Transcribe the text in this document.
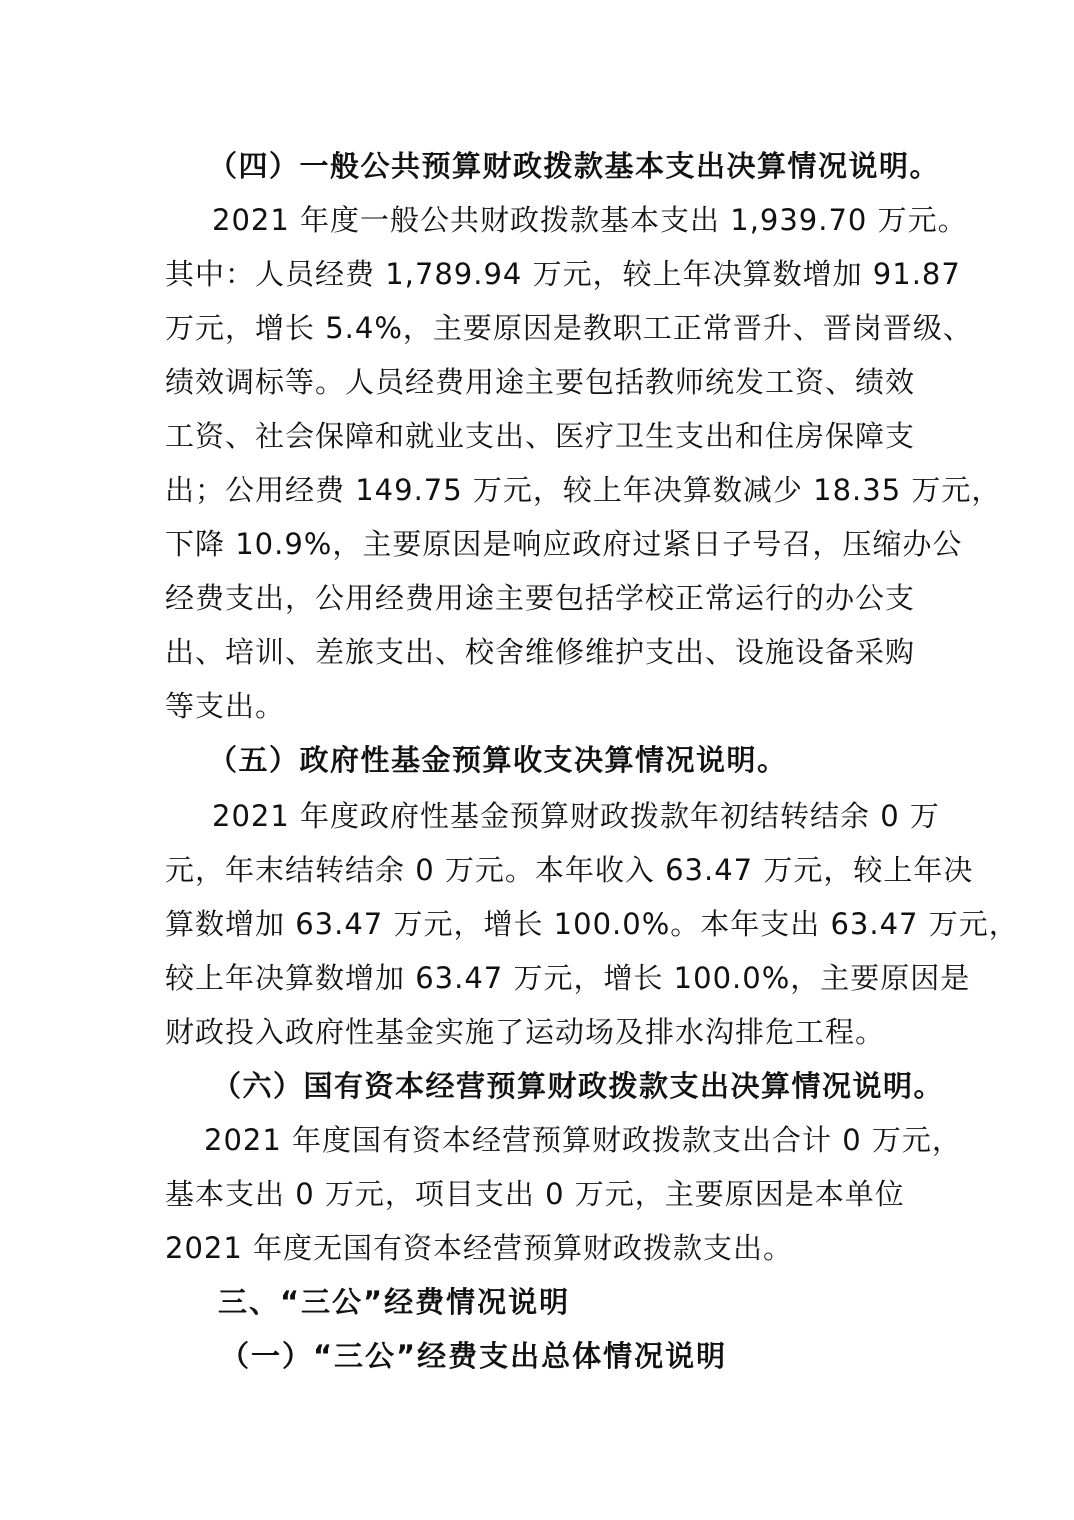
（四）一般公共预算财政拨款基本支出决算情况说明。
2021 年度一般公共财政拨款基本支出 1,939.70 万元。
其中：人员经费 1,789.94 万元，较上年决算数增加 91.87
万元，增长 5.4%，主要原因是教职工正常晋升、晋岗晋级、
绩效调标等。人员经费用途主要包括教师统发工资、绩效
工资、社会保障和就业支出、医疗卫生支出和住房保障支
出；公用经费 149.75 万元，较上年决算数减少 18.35 万元，
下降 10.9%，主要原因是响应政府过紧日子号召，压缩办公
经费支出，公用经费用途主要包括学校正常运行的办公支
出、培训、差旅支出、校舍维修维护支出、设施设备采购
等支出。
（五）政府性基金预算收支决算情况说明。
2021 年度政府性基金预算财政拨款年初结转结余 0 万
元，年末结转结余 0 万元。本年收入 63.47 万元，较上年决
算数增加 63.47 万元，增长 100.0%。本年支出 63.47 万元，
较上年决算数增加 63.47 万元，增长 100.0%，主要原因是
财政投入政府性基金实施了运动场及排水沟排危工程。
（六）国有资本经营预算财政拨款支出决算情况说明。
2021 年度国有资本经营预算财政拨款支出合计 0 万元，
基本支出 0 万元，项目支出 0 万元，主要原因是本单位
2021 年度无国有资本经营预算财政拨款支出。
三、“三公”经费情况说明
（一）“三公”经费支出总体情况说明
